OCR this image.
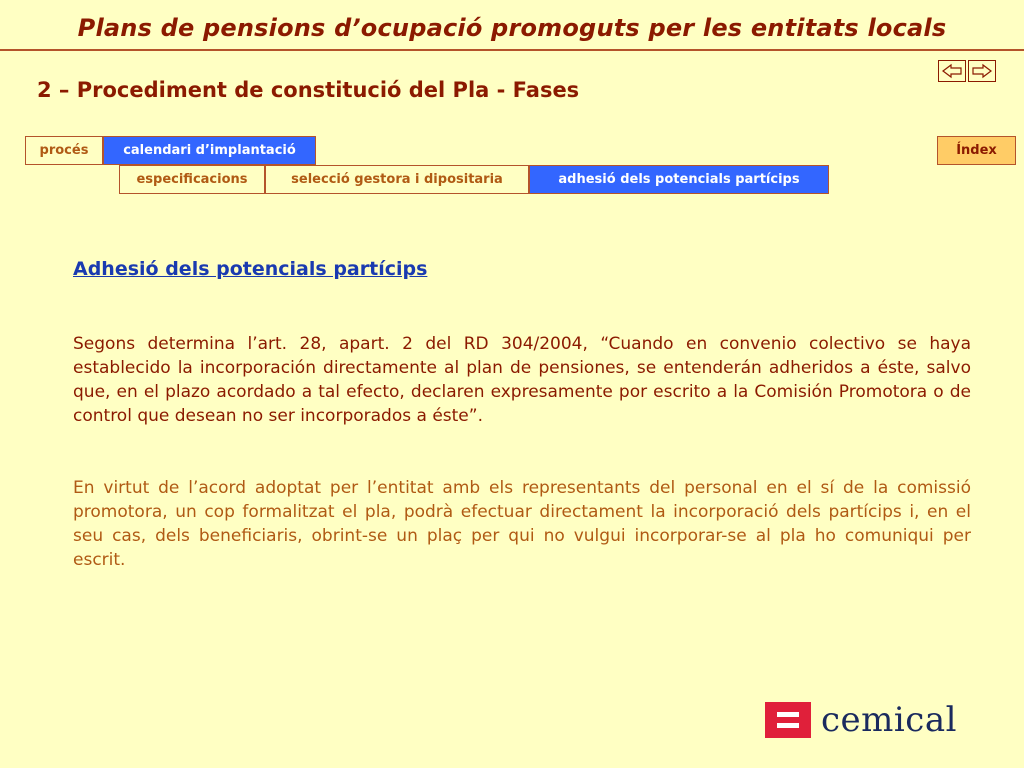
Plans de pensions d’ocupació promoguts per les entitats locals
2 – Procediment de constitució del Pla - Fases
procés	calendari d’implantació	Índex
especificacions	selecció gestora i dipositaria	adhesió dels potencials partícips
Adhesió dels potencials partícips
Segons determina l’art. 28, apart. 2 del RD 304/2004, “Cuando en convenio colectivo se haya establecido la incorporación directamente al plan de pensiones, se entenderán adheridos a éste, salvo que, en el plazo acordado a tal efecto, declaren expresamente por escrito a la Comisión Promotora o de control que desean no ser incorporados a éste”.
En virtut de l’acord adoptat per l’entitat amb els representants del personal en el sí de la comissió promotora, un cop formalitzat el pla, podrà efectuar directament la incorporació dels partícips i, en el seu cas, dels beneficiaris, obrint-se un plaç per qui no vulgui incorporar-se al pla ho comuniqui per escrit.
cemical
